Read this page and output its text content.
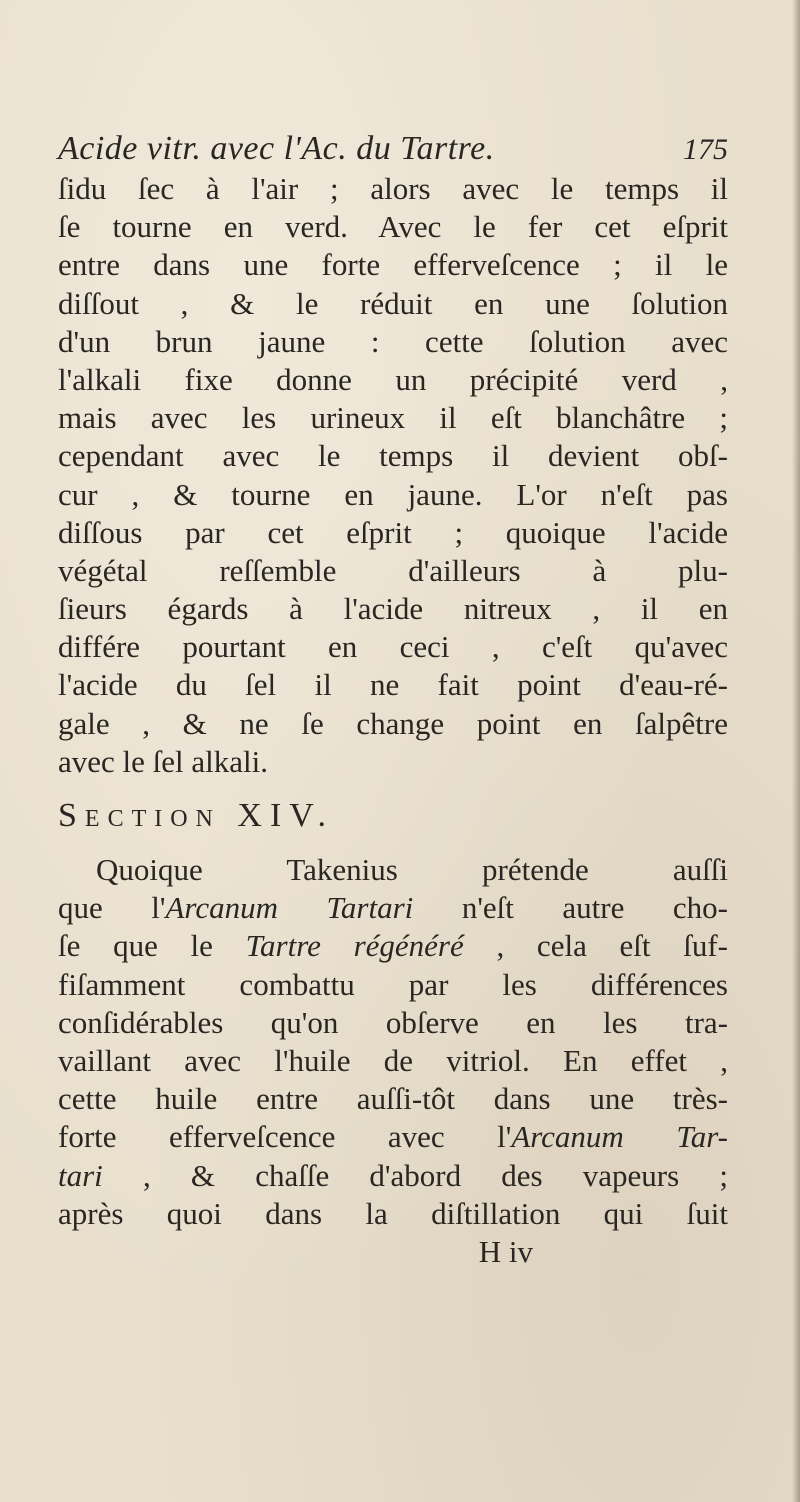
Acide vitr. avec l'Ac. du Tartre.	175
ſidu ſec à l'air ; alors avec le temps il
ſe tourne en verd. Avec le fer cet eſprit
entre dans une forte effervеſcence ; il le
diſſout , & le réduit en une ſolution
d'un brun jaune : cette ſolution avec
l'alkali fixe donne un précipité verd ,
mais avec les urineux il eſt blanchâtre ;
cependant avec le temps il devient obſ-
cur , & tourne en jaune. L'or n'eſt pas
diſſous par cet eſprit ; quoique l'acide
végétal reſſemble d'ailleurs à plu-
ſieurs égards à l'acide nitreux , il en
différe pourtant en ceci , c'eſt qu'avec
l'acide du ſel il ne fait point d'eau-ré-
gale , & ne ſe change point en ſalpêtre
avec le ſel alkali.
Section XIV.
Quoique Takenius prétende auſſi
que l'Arcanum Tartari n'eſt autre cho-
ſe que le Tartre régénéré , cela eſt ſuf-
fiſamment combattu par les différences
conſidérables qu'on obſerve en les tra-
vaillant avec l'huile de vitriol. En effet ,
cette huile entre auſſi-tôt dans une très-
forte effervеſcence avec l'Arcanum Tar-
tari , & chaſſe d'abord des vapeurs ;
après quoi dans la diſtillation qui ſuit
H iv
